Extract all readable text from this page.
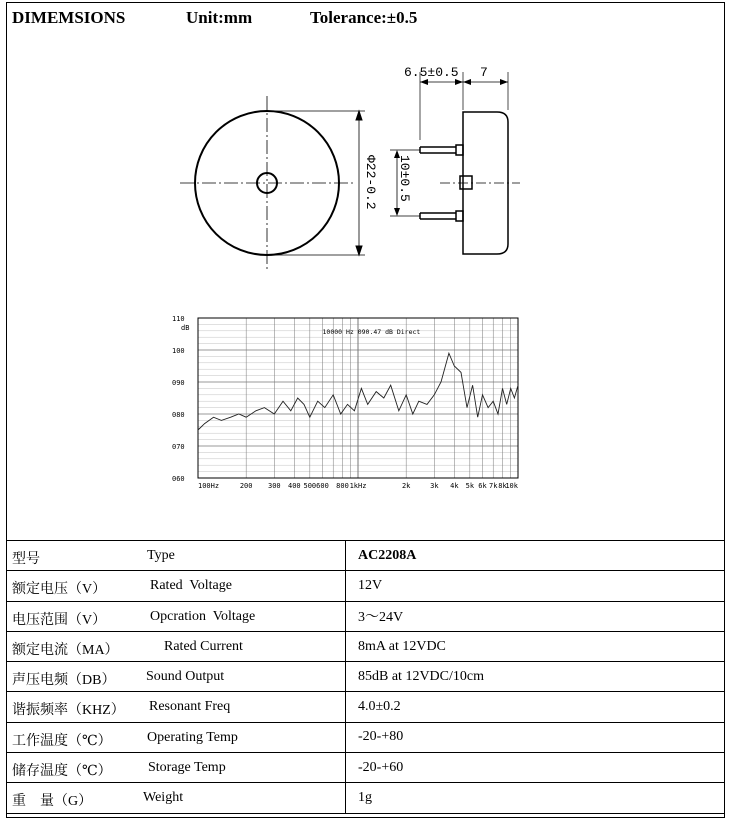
DIMEMSIONS	Unit:mm	Tolerance:±0.5
Φ22-0.2
6.5±0.5 7
10±0.5
110
100
090
080
070
060
dB
100Hz	200 300 400 500 600 800 1kHz	2k	3k 4k 5k 6k 7k 8k
10k
10000 Hz 090.47 dB Direct
型号 Type	AC2208A

额定电压（V） Rated  Voltage	12V

电压范围（V） Opcration  Voltage	3～24V

额定电流（MA） Rated Current	8mA at 12VDC

声压电频（DB） Sound Output	85dB at 12VDC/10cm

谐振频率（KHZ） Resonant Freq	4.0±0.2

工作温度（℃） Operating Temp	-20-+80

储存温度（℃） Storage Temp	-20-+60

重    量（G） Weight	1g
